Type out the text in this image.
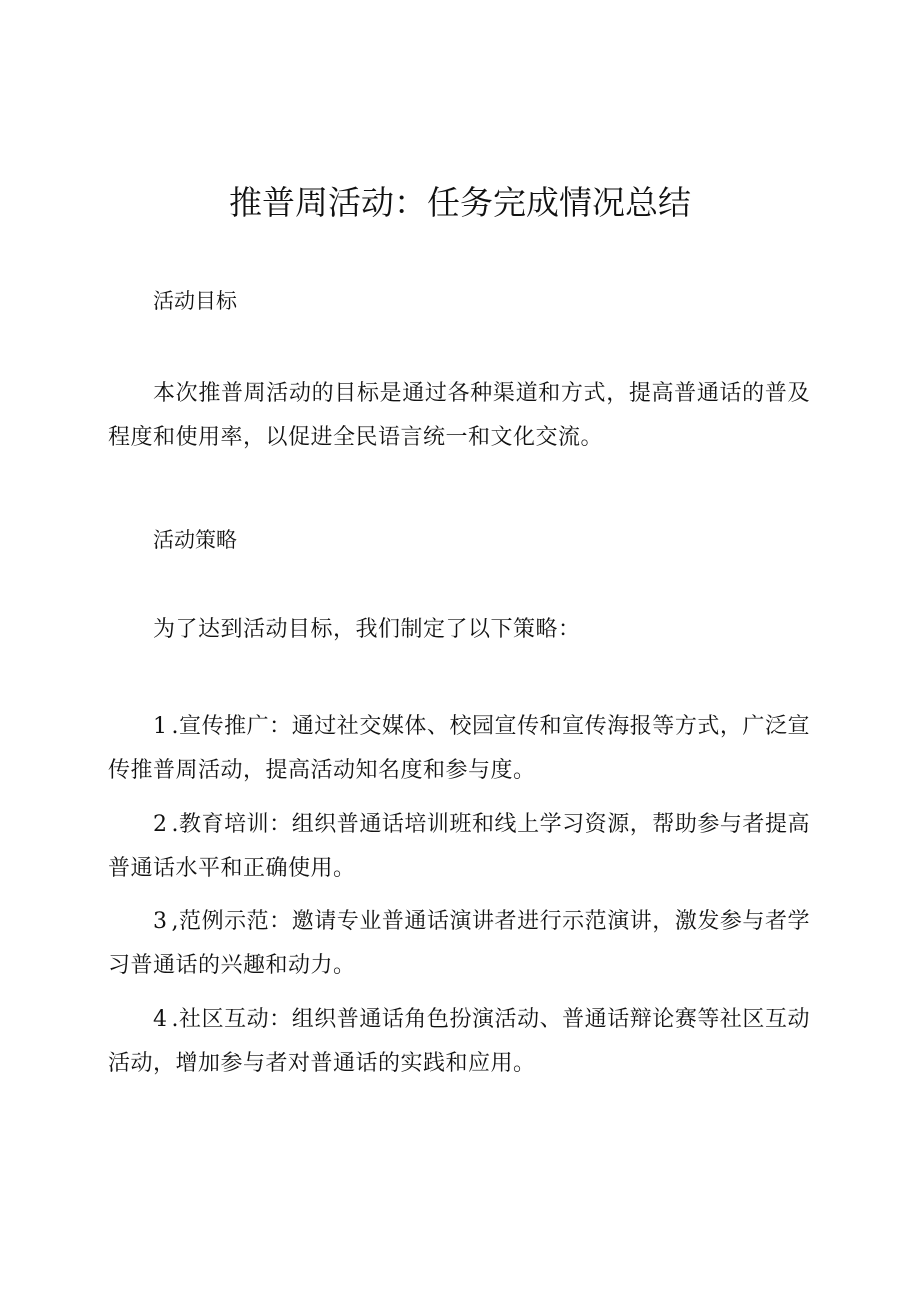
推普周活动：任务完成情况总结
活动目标

本次推普周活动的目标是通过各种渠道和方式，提高普通话的普及程度和使用率，以促进全民语言统一和文化交流。

活动策略

为了达到活动目标，我们制定了以下策略：

1 .宣传推广：通过社交媒体、校园宣传和宣传海报等方式，广泛宣传推普周活动，提高活动知名度和参与度。

2 .教育培训：组织普通话培训班和线上学习资源，帮助参与者提高普通话水平和正确使用。

3 ,范例示范：邀请专业普通话演讲者进行示范演讲，激发参与者学习普通话的兴趣和动力。

4 .社区互动：组织普通话角色扮演活动、普通话辩论赛等社区互动活动，增加参与者对普通话的实践和应用。
